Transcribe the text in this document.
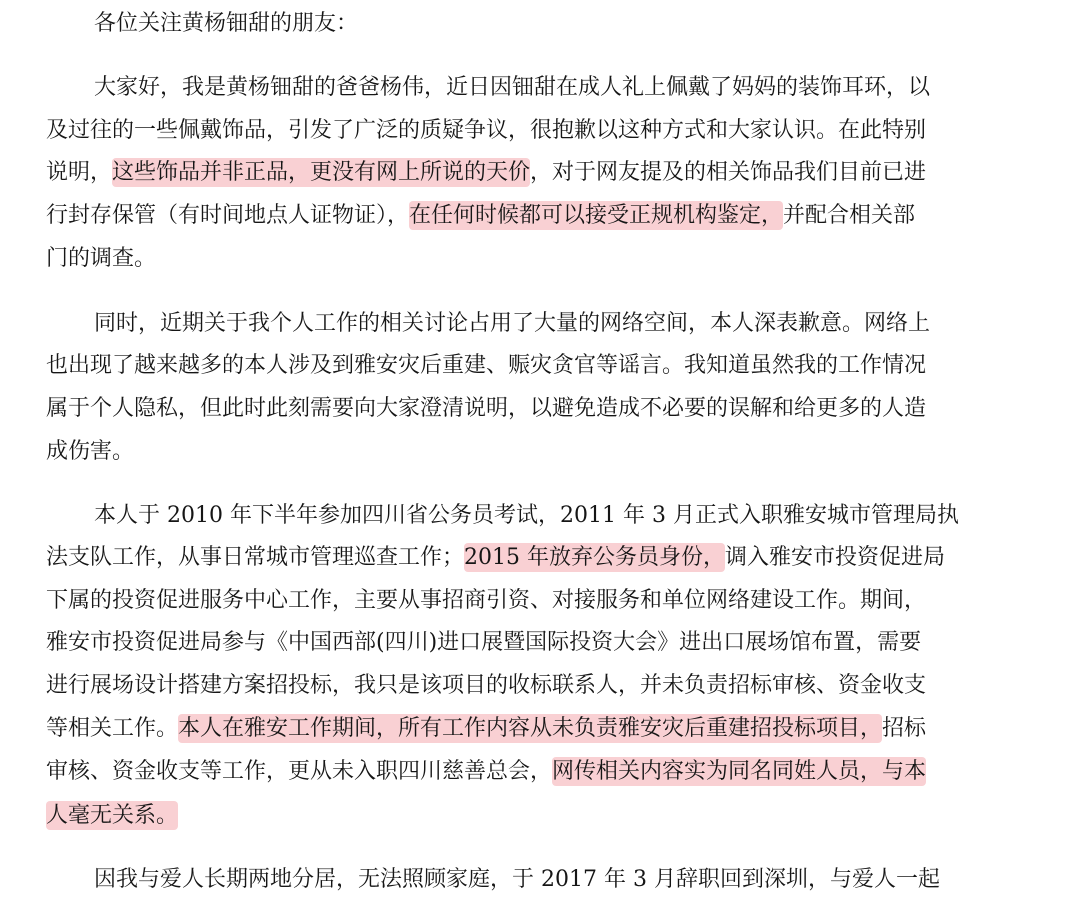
各位关注黄杨钿甜的朋友：
大家好，我是黄杨钿甜的爸爸杨伟，近日因钿甜在成人礼上佩戴了妈妈的装饰耳环，以
及过往的一些佩戴饰品，引发了广泛的质疑争议，很抱歉以这种方式和大家认识。在此特别
说明，这些饰品并非正品，更没有网上所说的天价，对于网友提及的相关饰品我们目前已进
行封存保管（有时间地点人证物证），在任何时候都可以接受正规机构鉴定，并配合相关部
门的调查。
同时，近期关于我个人工作的相关讨论占用了大量的网络空间，本人深表歉意。网络上
也出现了越来越多的本人涉及到雅安灾后重建、赈灾贪官等谣言。我知道虽然我的工作情况
属于个人隐私，但此时此刻需要向大家澄清说明，以避免造成不必要的误解和给更多的人造
成伤害。
本人于 2010 年下半年参加四川省公务员考试，2011 年 3 月正式入职雅安城市管理局执
法支队工作，从事日常城市管理巡查工作；2015 年放弃公务员身份，调入雅安市投资促进局
下属的投资促进服务中心工作，主要从事招商引资、对接服务和单位网络建设工作。期间，
雅安市投资促进局参与《中国西部(四川)进口展暨国际投资大会》进出口展场馆布置，需要
进行展场设计搭建方案招投标，我只是该项目的收标联系人，并未负责招标审核、资金收支
等相关工作。本人在雅安工作期间，所有工作内容从未负责雅安灾后重建招投标项目，招标
审核、资金收支等工作，更从未入职四川慈善总会，网传相关内容实为同名同姓人员，与本
人毫无关系。
因我与爱人长期两地分居，无法照顾家庭，于 2017 年 3 月辞职回到深圳，与爱人一起
